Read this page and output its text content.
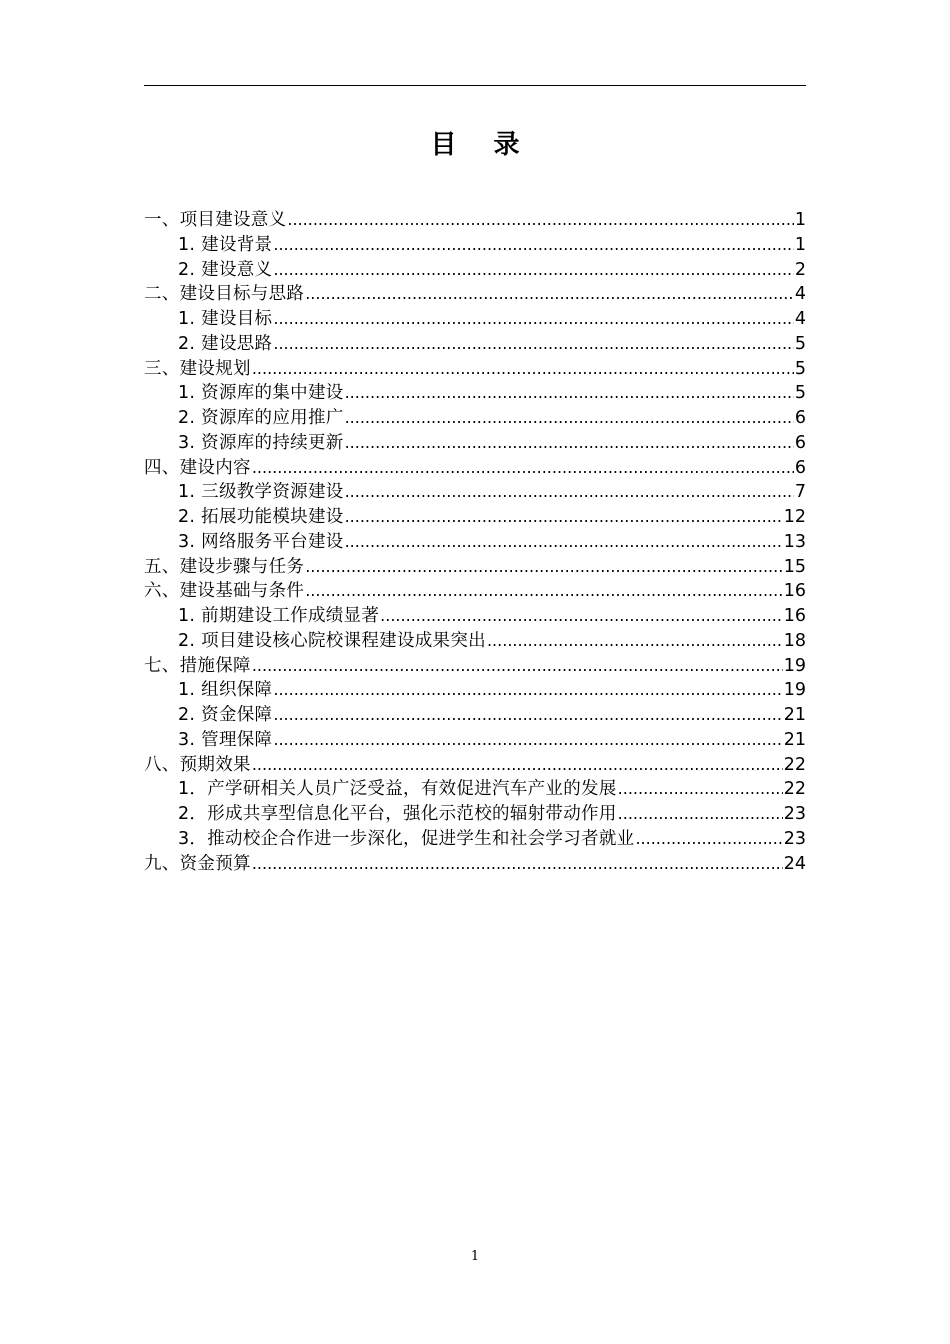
目 录
一、项目建设意义 .....	1
1. 建设背景 .....	1
2. 建设意义 .....	2
二、建设目标与思路 .....	4
1. 建设目标 .....	4
2. 建设思路 .....	5
三、建设规划 .....	5
1. 资源库的集中建设 .....	5
2. 资源库的应用推广 .....	6
3. 资源库的持续更新 .....	6
四、建设内容 .....	6
1. 三级教学资源建设 .....	7
2. 拓展功能模块建设 .....	12
3. 网络服务平台建设 .....	13
五、建设步骤与任务 .....	15
六、建设基础与条件 .....	16
1. 前期建设工作成绩显著 .....	16
2. 项目建设核心院校课程建设成果突出 .....	18
七、措施保障 .....	19
1. 组织保障 .....	19
2. 资金保障 .....	21
3. 管理保障 .....	21
八、预期效果 .....	22
1．产学研相关人员广泛受益，有效促进汽车产业的发展 .....	22
2．形成共享型信息化平台，强化示范校的辐射带动作用 .....	23
3．推动校企合作进一步深化，促进学生和社会学习者就业 .....	23
九、资金预算 .....	24
1
